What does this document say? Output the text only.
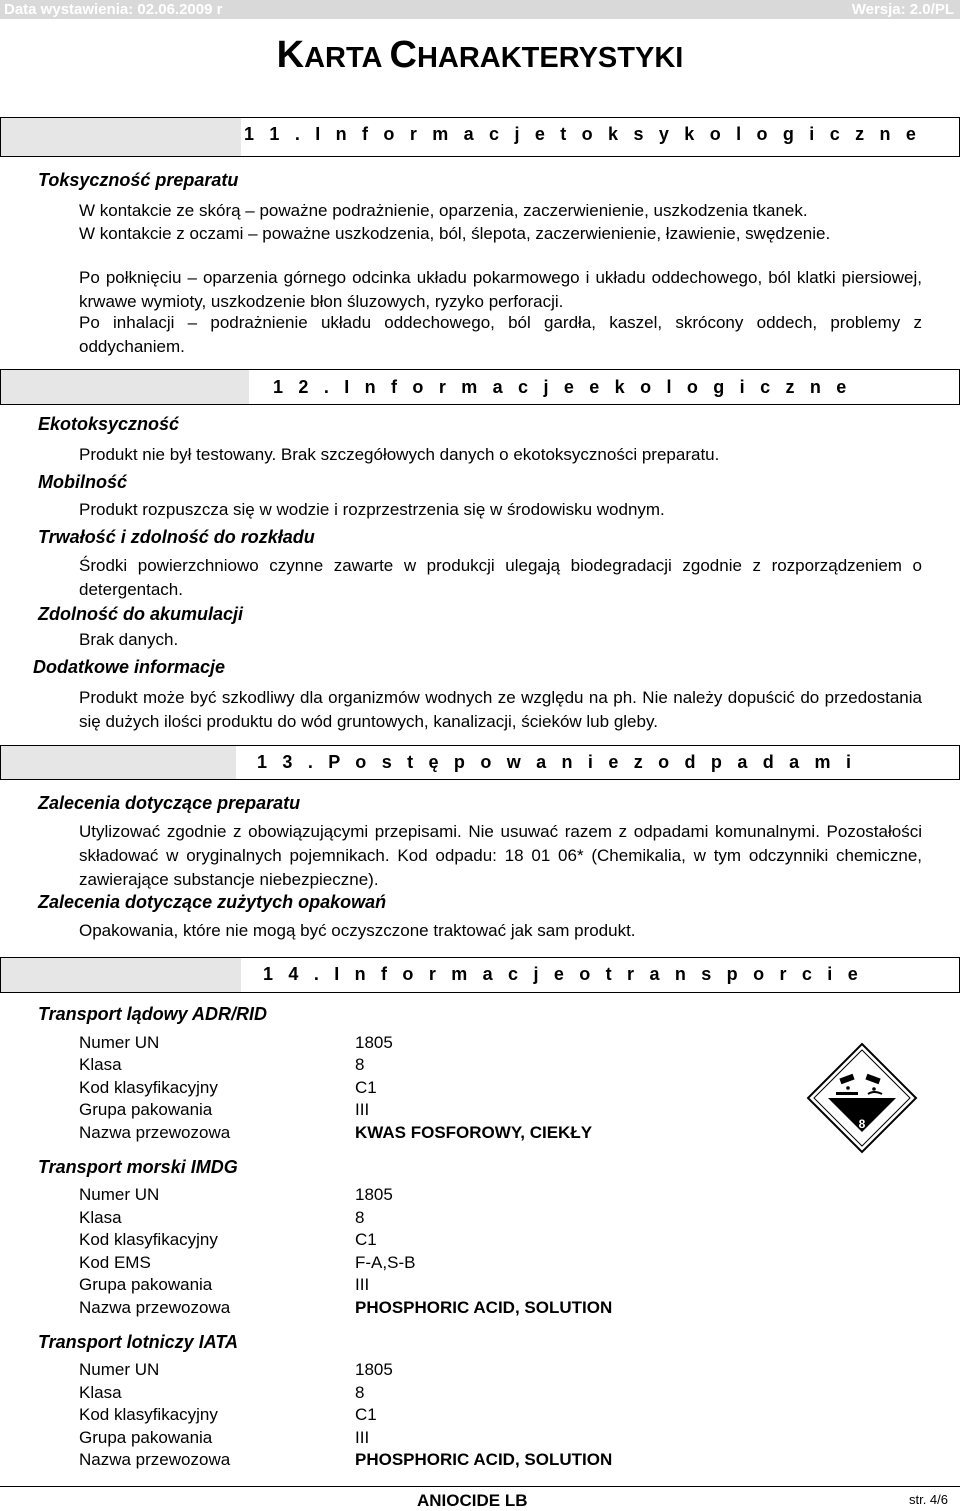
Data wystawienia: 02.06.2009 r	Wersja: 2.0/PL
KARTA CHARAKTERYSTYKI
1 1 . I n f o r m a c j e t o k s y k o l o g i c z n e
Toksyczność preparatu
W kontakcie ze skórą – poważne podrażnienie, oparzenia, zaczerwienienie, uszkodzenia tkanek.
W kontakcie z oczami – poważne uszkodzenia, ból, ślepota, zaczerwienienie, łzawienie, swędzenie.
Po połknięciu – oparzenia górnego odcinka układu pokarmowego i układu oddechowego, ból klatki piersiowej, krwawe wymioty, uszkodzenie błon śluzowych, ryzyko perforacji.
Po inhalacji – podrażnienie układu oddechowego, ból gardła, kaszel, skrócony oddech, problemy z oddychaniem.
1 2 . I n f o r m a c j e e k o l o g i c z n e
Ekotoksyczność
Produkt nie był testowany. Brak szczegółowych danych o ekotoksyczności preparatu.
Mobilność
Produkt rozpuszcza się w wodzie i rozprzestrzenia się w środowisku wodnym.
Trwałość i zdolność do rozkładu
Środki powierzchniowo czynne zawarte w produkcji ulegają biodegradacji zgodnie z rozporządzeniem o detergentach.
Zdolność do akumulacji
Brak danych.
Dodatkowe informacje
Produkt może być szkodliwy dla organizmów wodnych ze względu na ph. Nie należy dopuścić do przedostania się dużych ilości produktu do wód gruntowych, kanalizacji, ścieków lub gleby.
1 3 . P o s t ę p o w a n i e z o d p a d a m i
Zalecenia dotyczące preparatu
Utylizować zgodnie z obowiązującymi przepisami. Nie usuwać razem z odpadami komunalnymi. Pozostałości składować w oryginalnych pojemnikach. Kod odpadu: 18 01 06* (Chemikalia, w tym odczynniki chemiczne, zawierające substancje niebezpieczne).
Zalecenia dotyczące zużytych opakowań
Opakowania, które nie mogą być oczyszczone traktować jak sam produkt.
1 4 . I n f o r m a c j e o t r a n s p o r c i e
Transport lądowy ADR/RID
Numer UN	1805
Klasa	8
Kod klasyfikacyjny	C1
Grupa pakowania	III
Nazwa przewozowa	KWAS FOSFOROWY, CIEKŁY	8
Transport morski IMDG
Numer UN	1805
Klasa	8
Kod klasyfikacyjny	C1
Kod EMS	F-A,S-B
Grupa pakowania	III
Nazwa przewozowa	PHOSPHORIC ACID, SOLUTION
Transport lotniczy IATA
Numer UN	1805
Klasa	8
Kod klasyfikacyjny	C1
Grupa pakowania	III
Nazwa przewozowa	PHOSPHORIC ACID, SOLUTION
ANIOCIDE LB	str. 4/6
